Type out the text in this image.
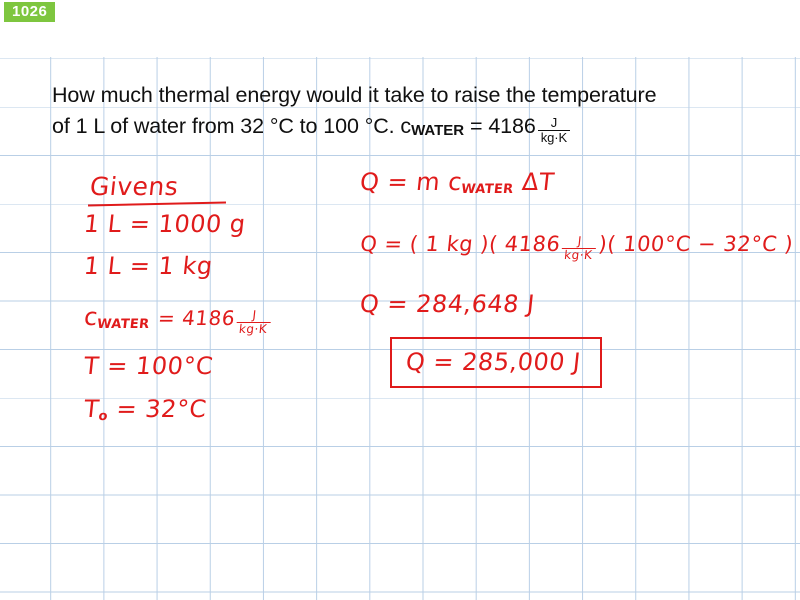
1026
How much thermal energy would it take to raise the temperature
of 1 L of water from 32 °C to 100 °C. cWATER = $4186 \frac{J}{kg\cdot K}$
Givens
1 L = 1000 g
1 L = 1 kg
cWATER = 4186
$\frac{J}{kg\cdot K}$
T = 100°C
To = 32°C
Q = m cWATER ΔT
Q = ( 1 kg )( 4186
$\frac{J}{kg\cdot K}$ )( 100°C − 32°C )
Q = 284,648 J
Q = 285,000 J
